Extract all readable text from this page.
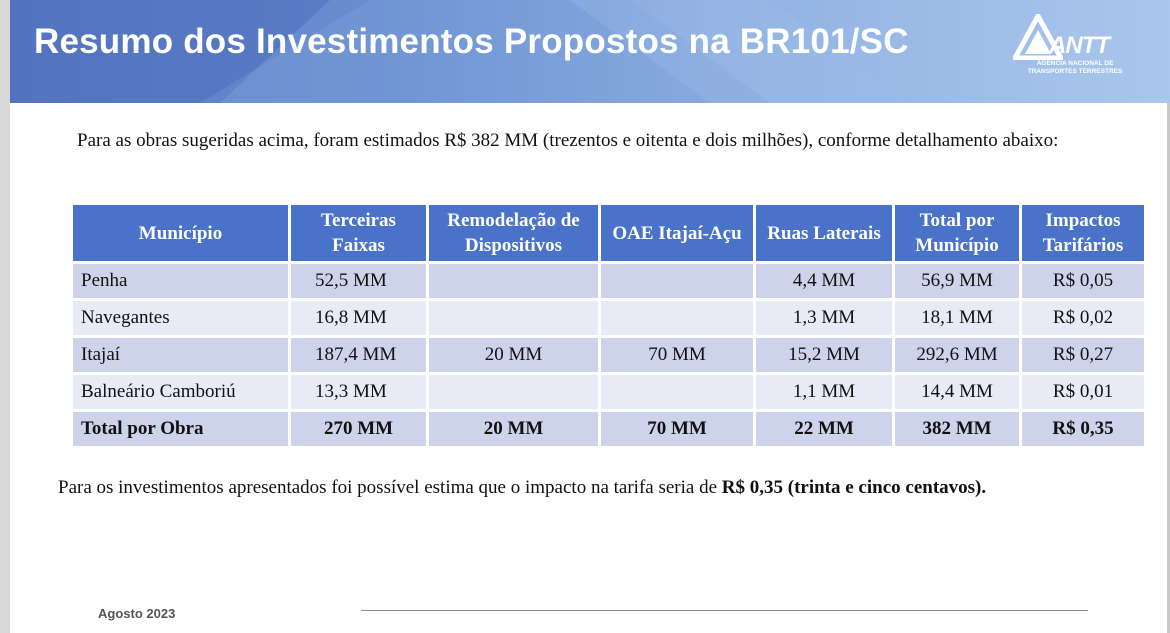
Resumo dos Investimentos Propostos na BR101/SC	ANTT
AGÊNCIA NACIONAL DE TRANSPORTES TERRESTRES
Para as obras sugeridas acima, foram estimados R$ 382 MM (trezentos e oitenta e dois milhões), conforme detalhamento abaixo:
Município	Terceiras Faixas	Remodelação de Dispositivos	OAE Itajaí-Açu	Ruas Laterais	Total por Município	Impactos Tarifários
Penha	52,5 MM			4,4 MM	56,9 MM	R$ 0,05
Navegantes	16,8 MM			1,3 MM	18,1 MM	R$ 0,02
Itajaí	187,4 MM	20 MM	70 MM	15,2 MM	292,6 MM	R$ 0,27
Balneário Camboriú	13,3 MM			1,1 MM	14,4 MM	R$ 0,01
Total por Obra	270 MM	20 MM	70 MM	22 MM	382 MM	R$ 0,35
Para os investimentos apresentados foi possível estima que o impacto na tarifa seria de R$ 0,35 (trinta e cinco centavos).
Agosto 2023
